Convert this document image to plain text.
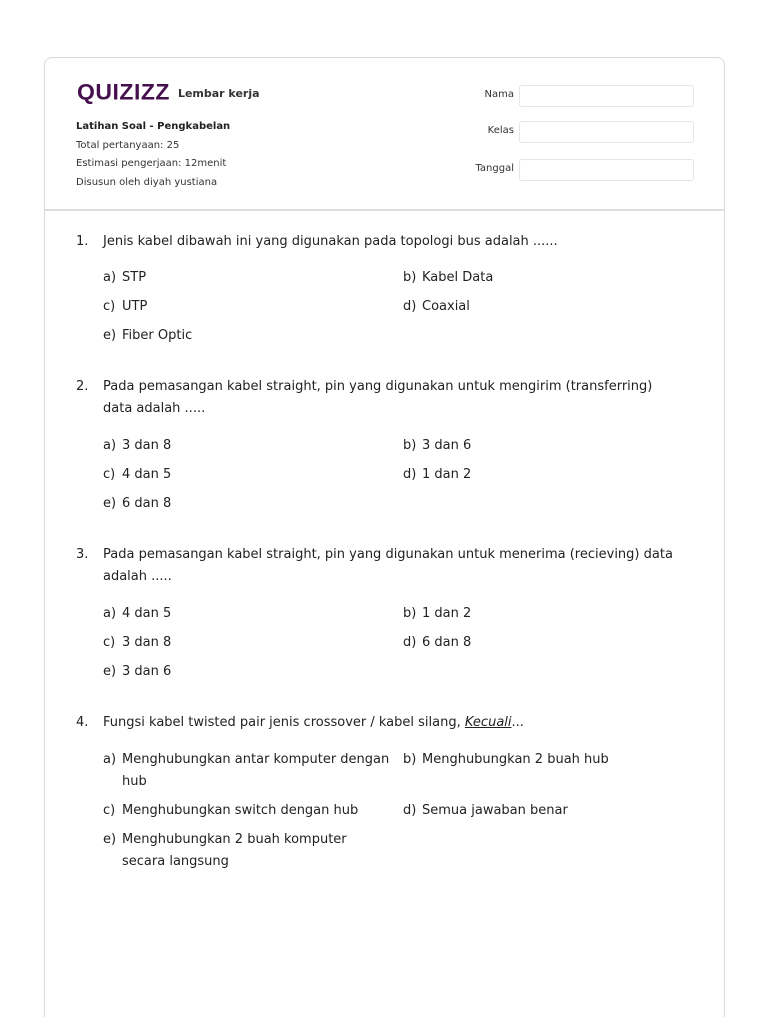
QUIZIZZ Lembar kerja
Latihan Soal - Pengkabelan
Total pertanyaan: 25
Estimasi pengerjaan: 12menit
Disusun oleh diyah yustiana
Nama
Kelas
Tanggal
1. Jenis kabel dibawah ini yang digunakan pada topologi bus adalah ......
a) STP	b) Kabel Data
c) UTP	d) Coaxial
e) Fiber Optic
2. Pada pemasangan kabel straight, pin yang digunakan untuk mengirim (transferring) data adalah .....
a) 3 dan 8	b) 3 dan 6
c) 4 dan 5	d) 1 dan 2
e) 6 dan 8
3. Pada pemasangan kabel straight, pin yang digunakan untuk menerima (recieving) data adalah .....
a) 4 dan 5	b) 1 dan 2
c) 3 dan 8	d) 6 dan 8
e) 3 dan 6
4. Fungsi kabel twisted pair jenis crossover / kabel silang, Kecuali...
a) Menghubungkan antar komputer dengan hub
b) Menghubungkan 2 buah hub
c) Menghubungkan switch dengan hub	d) Semua jawaban benar
e) Menghubungkan 2 buah komputer secara langsung
